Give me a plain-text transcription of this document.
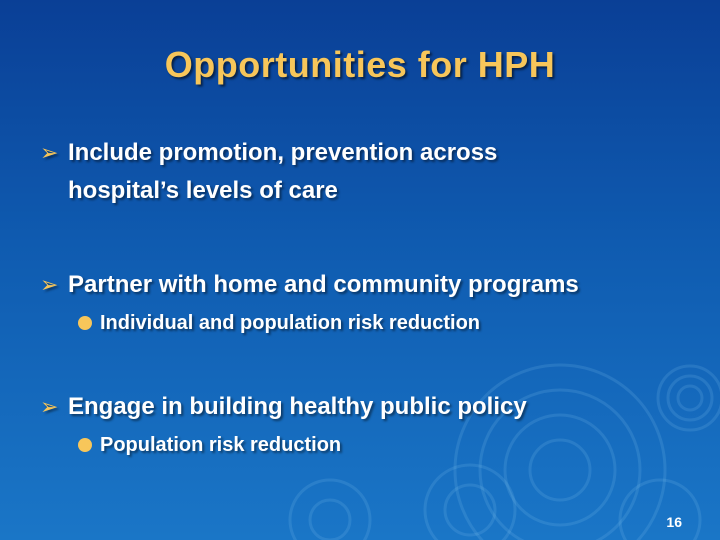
Opportunities for HPH
➢ Include promotion, prevention across
hospital’s levels of care
➢ Partner with home and community programs
Individual and population risk reduction
➢ Engage in building healthy public policy
Population risk reduction
16
